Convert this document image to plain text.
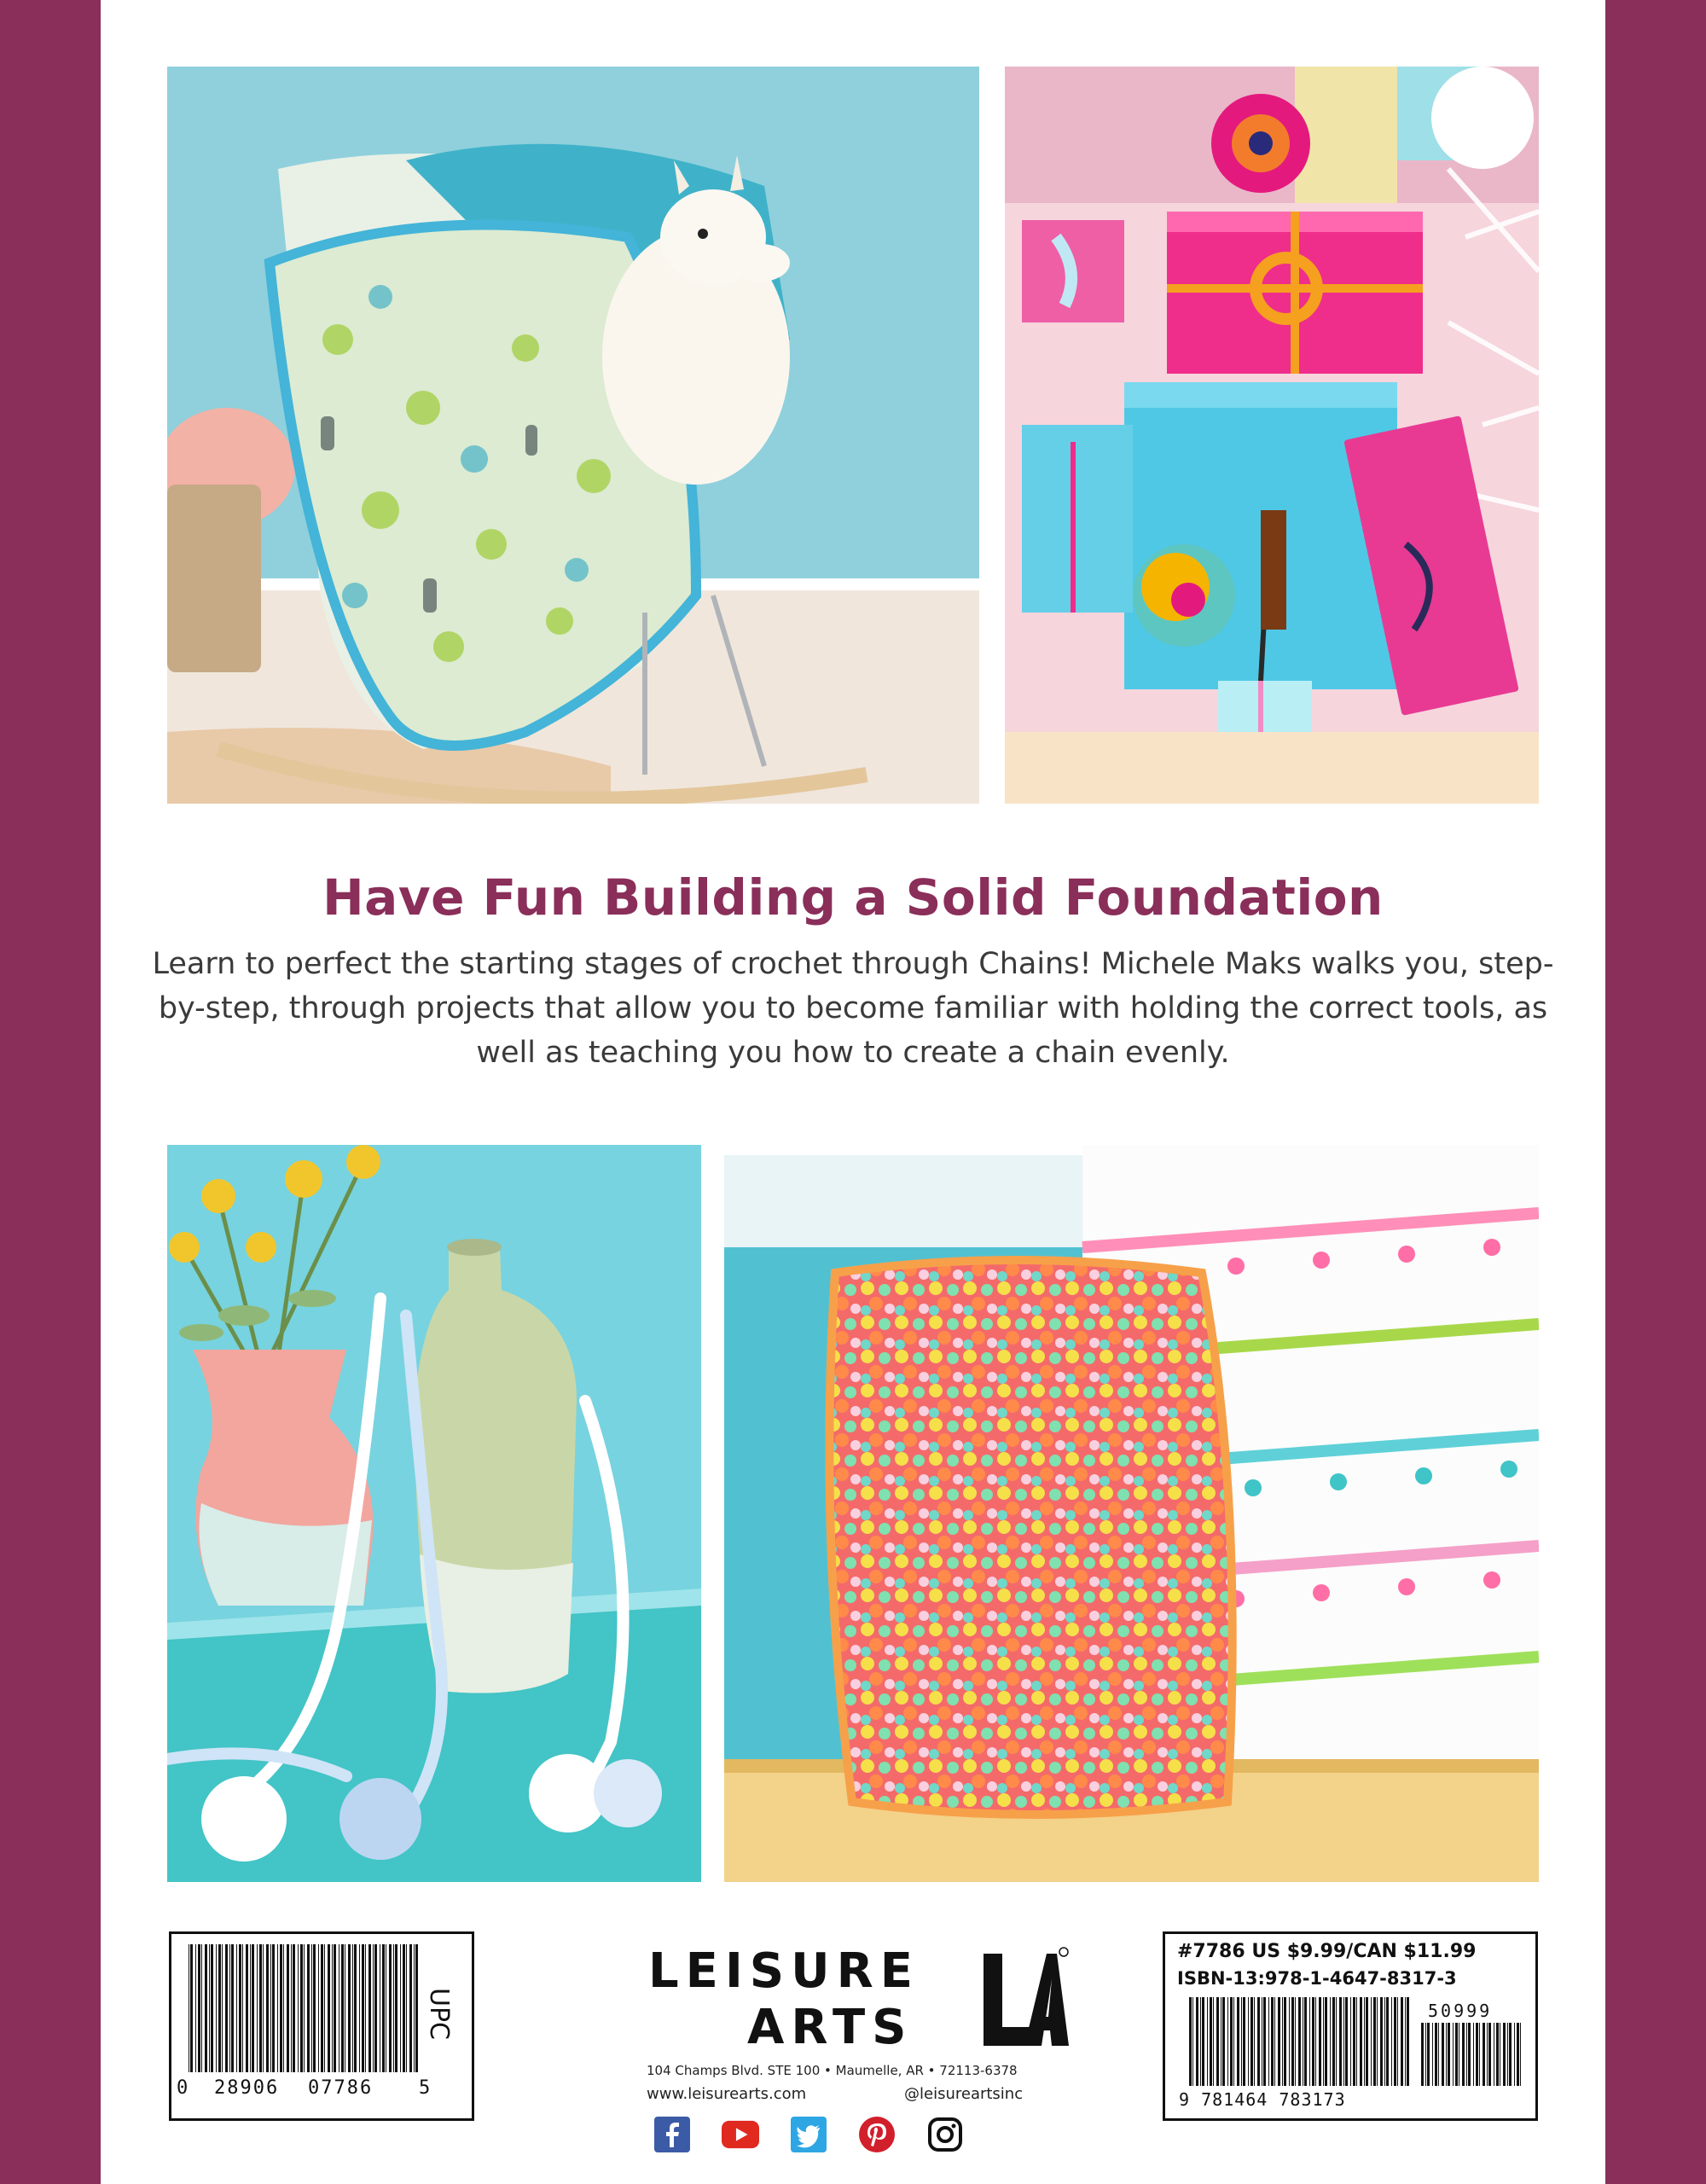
Have Fun Building a Solid Foundation
Learn to perfect the starting stages of crochet through Chains! Michele Maks walks you, step-by-step, through projects that allow you to become familiar with holding the correct tools, as well as teaching you how to create a chain evenly.
0 28906 07786 5
UPC
LEISURE
ARTS
104 Champs Blvd. STE 100 • Maumelle, AR • 72113-6378
www.leisurearts.com	@leisureartsinc
#7786 US $9.99/CAN $11.99
ISBN-13:978-1-4647-8317-3
50999
9 781464 783173
